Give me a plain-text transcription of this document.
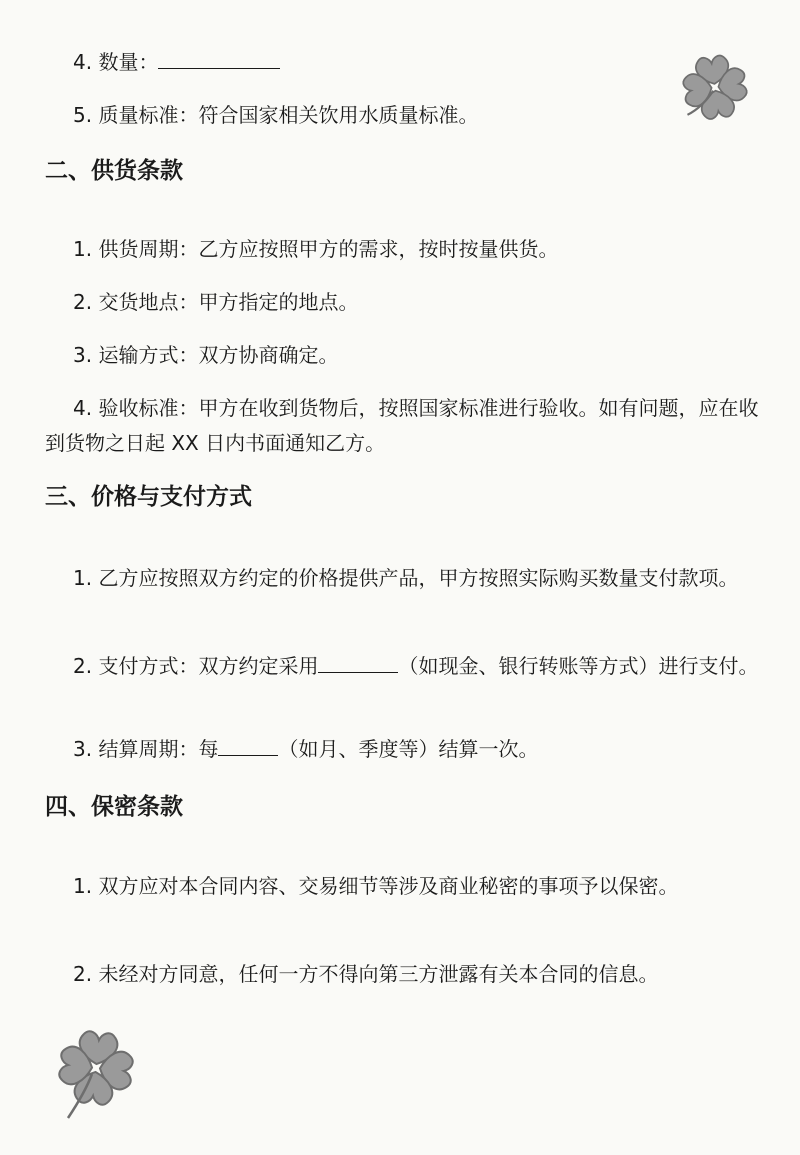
4. 数量：

5. 质量标准：符合国家相关饮用水质量标准。

二、供货条款

1. 供货周期：乙方应按照甲方的需求，按时按量供货。

2. 交货地点：甲方指定的地点。

3. 运输方式：双方协商确定。

4. 验收标准：甲方在收到货物后，按照国家标准进行验收。如有问题，应在收到货物之日起 XX 日内书面通知乙方。

三、价格与支付方式

1. 乙方应按照双方约定的价格提供产品，甲方按照实际购买数量支付款项。

2. 支付方式：双方约定采用	（如现金、银行转账等方式）进行支付。

3. 结算周期：每	（如月、季度等）结算一次。

四、保密条款

1. 双方应对本合同内容、交易细节等涉及商业秘密的事项予以保密。

2. 未经对方同意，任何一方不得向第三方泄露有关本合同的信息。
